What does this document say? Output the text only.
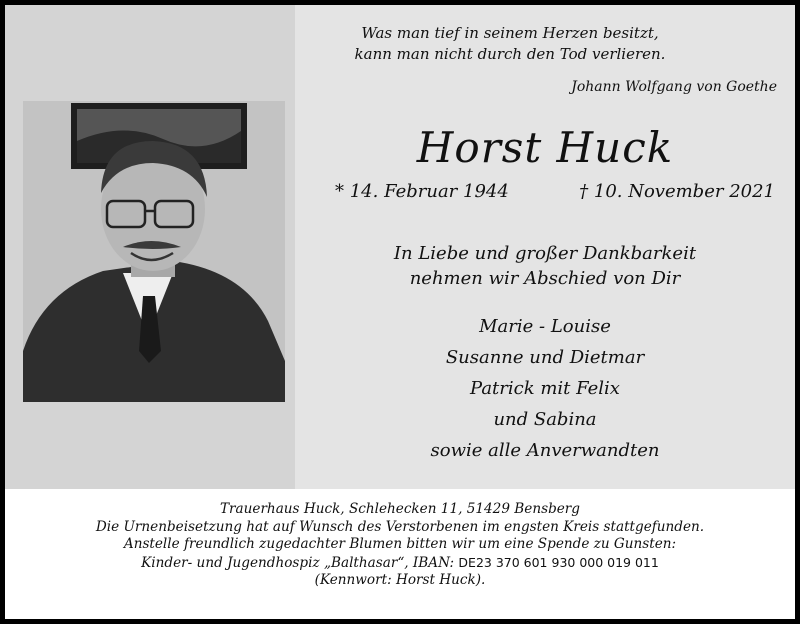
Was man tief in seinem Herzen besitzt,
kann man nicht durch den Tod verlieren.
Johann Wolfgang von Goethe
Horst Huck
* 14. Februar 1944	† 10. November 2021
In Liebe und großer Dankbarkeit
nehmen wir Abschied von Dir
Marie - Louise
Susanne und Dietmar
Patrick mit Felix
und Sabina
sowie alle Anverwandten
Trauerhaus Huck, Schlehecken 11, 51429 Bensberg
Die Urnenbeisetzung hat auf Wunsch des Verstorbenen im engsten Kreis stattgefunden.
Anstelle freundlich zugedachter Blumen bitten wir um eine Spende zu Gunsten:
Kinder- und Jugendhospiz „Balthasar“, IBAN: DE23 370 601 930 000 019 011
(Kennwort: Horst Huck).
